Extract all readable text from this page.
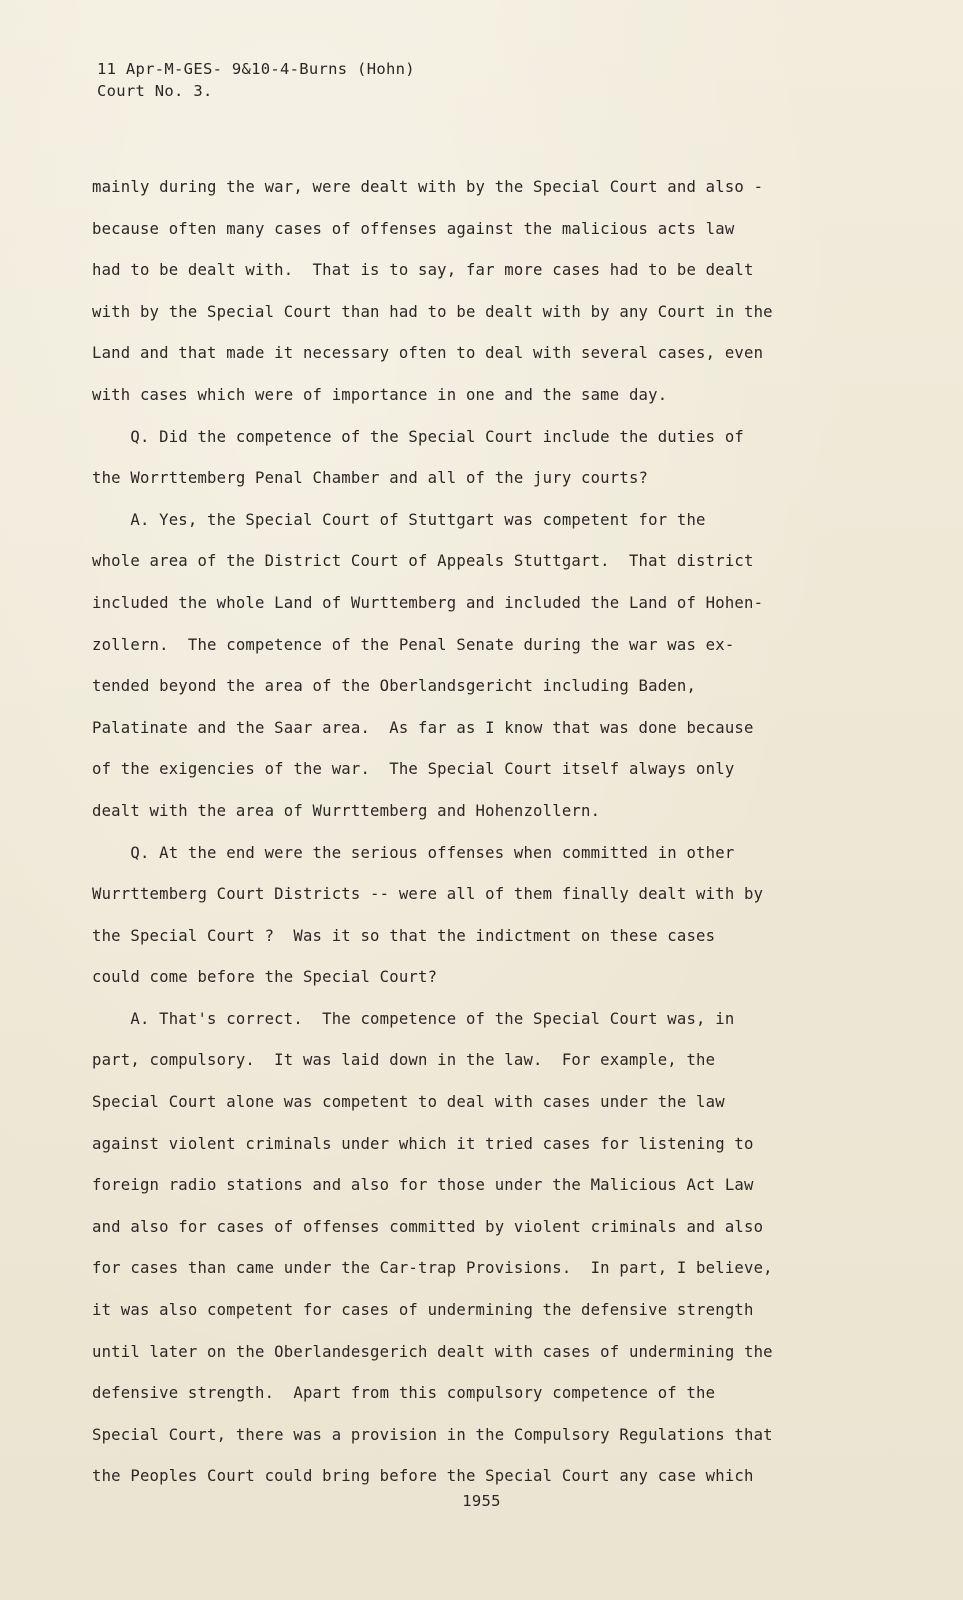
11 Apr-M-GES- 9&10-4-Burns (Hohn)
Court No. 3.
mainly during the war, were dealt with by the Special Court and also -
because often many cases of offenses against the malicious acts law
had to be dealt with.  That is to say, far more cases had to be dealt
with by the Special Court than had to be dealt with by any Court in the
Land and that made it necessary often to deal with several cases, even
with cases which were of importance in one and the same day.
Q. Did the competence of the Special Court include the duties of
the Worrttemberg Penal Chamber and all of the jury courts?
A. Yes, the Special Court of Stuttgart was competent for the
whole area of the District Court of Appeals Stuttgart.  That district
included the whole Land of Wurttemberg and included the Land of Hohen-
zollern.  The competence of the Penal Senate during the war was ex-
tended beyond the area of the Oberlandsgericht including Baden,
Palatinate and the Saar area.  As far as I know that was done because
of the exigencies of the war.  The Special Court itself always only
dealt with the area of Wurrttemberg and Hohenzollern.
Q. At the end were the serious offenses when committed in other
Wurrttemberg Court Districts -- were all of them finally dealt with by
the Special Court ?  Was it so that the indictment on these cases
could come before the Special Court?
A. That's correct.  The competence of the Special Court was, in
part, compulsory.  It was laid down in the law.  For example, the
Special Court alone was competent to deal with cases under the law
against violent criminals under which it tried cases for listening to
foreign radio stations and also for those under the Malicious Act Law
and also for cases of offenses committed by violent criminals and also
for cases than came under the Car-trap Provisions.  In part, I believe,
it was also competent for cases of undermining the defensive strength
until later on the Oberlandesgerich dealt with cases of undermining the
defensive strength.  Apart from this compulsory competence of the
Special Court, there was a provision in the Compulsory Regulations that
the Peoples Court could bring before the Special Court any case which
1955
